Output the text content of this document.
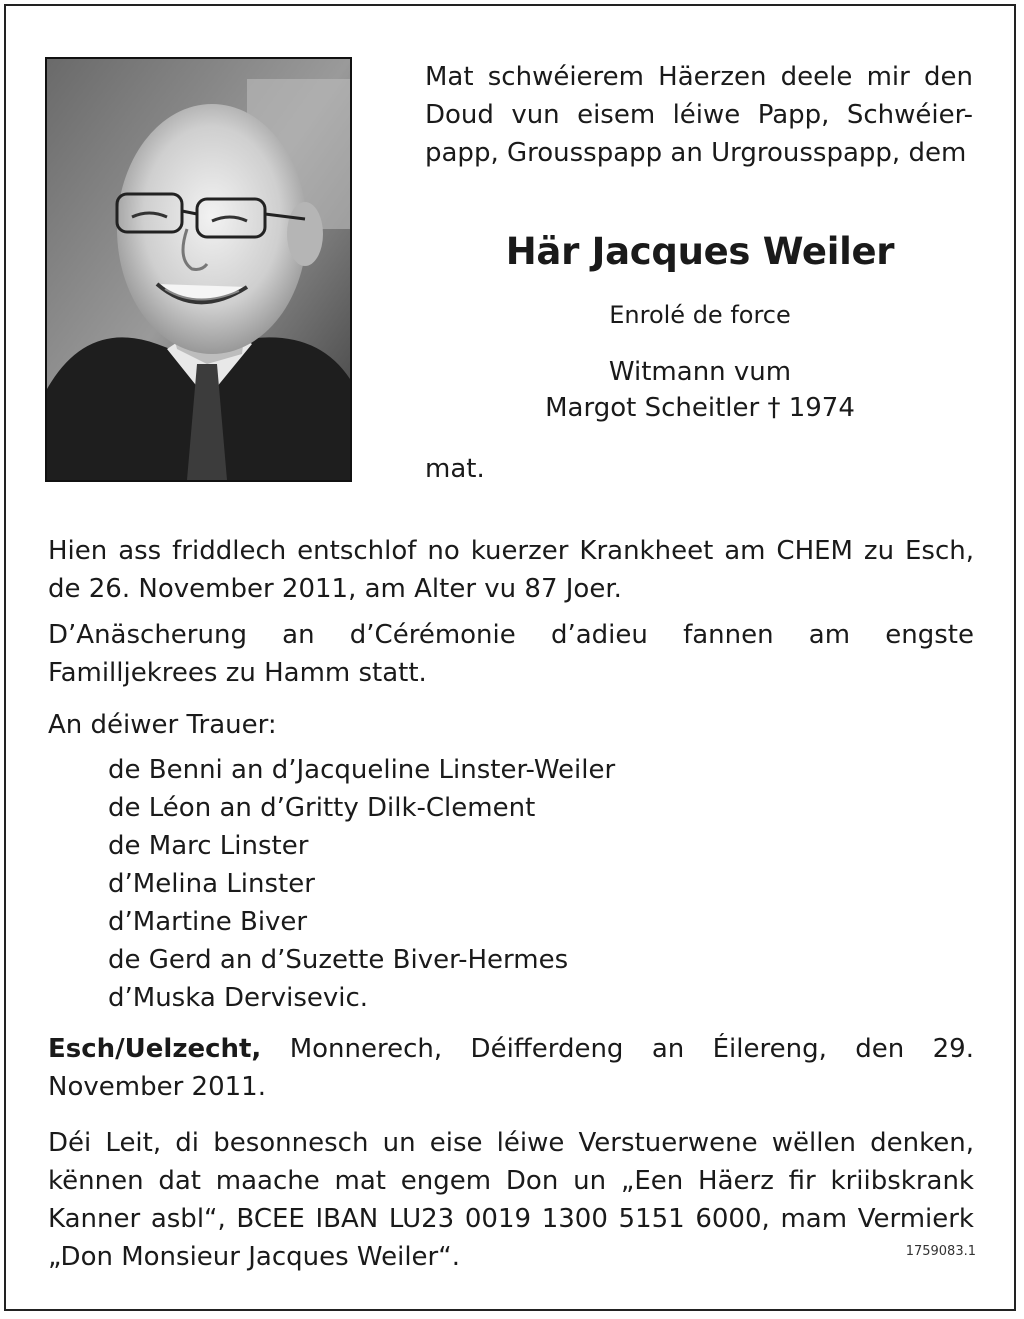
Mat schwéierem Häerzen deele mir den Doud vun eisem léiwe Papp, Schwéier-papp, Grousspapp an Urgrousspapp, dem

Här Jacques Weiler
Enrolé de force
Witmann vum
Margot Scheitler † 1974
mat.

Hien ass friddlech entschlof no kuerzer Krankheet am CHEM zu Esch, de 26. November 2011, am Alter vu 87 Joer.

D’Anäscherung an d’Cérémonie d’adieu fannen am engste Familljekrees zu Hamm statt.

An déiwer Trauer:

de Benni an d’Jacqueline Linster-Weiler
de Léon an d’Gritty Dilk-Clement
de Marc Linster
d’Melina Linster
d’Martine Biver
de Gerd an d’Suzette Biver-Hermes
d’Muska Dervisevic.

Esch/Uelzecht, Monnerech, Déifferdeng an Éilereng, den 29. November 2011.

Déi Leit, di besonnesch un eise léiwe Verstuerwene wëllen denken, kënnen dat maache mat engem Don un „Een Häerz fir kriibskrank Kanner asbl“, BCEE IBAN LU23 0019 1300 5151 6000, mam Vermierk „Don Monsieur Jacques Weiler“.	1759083.1
